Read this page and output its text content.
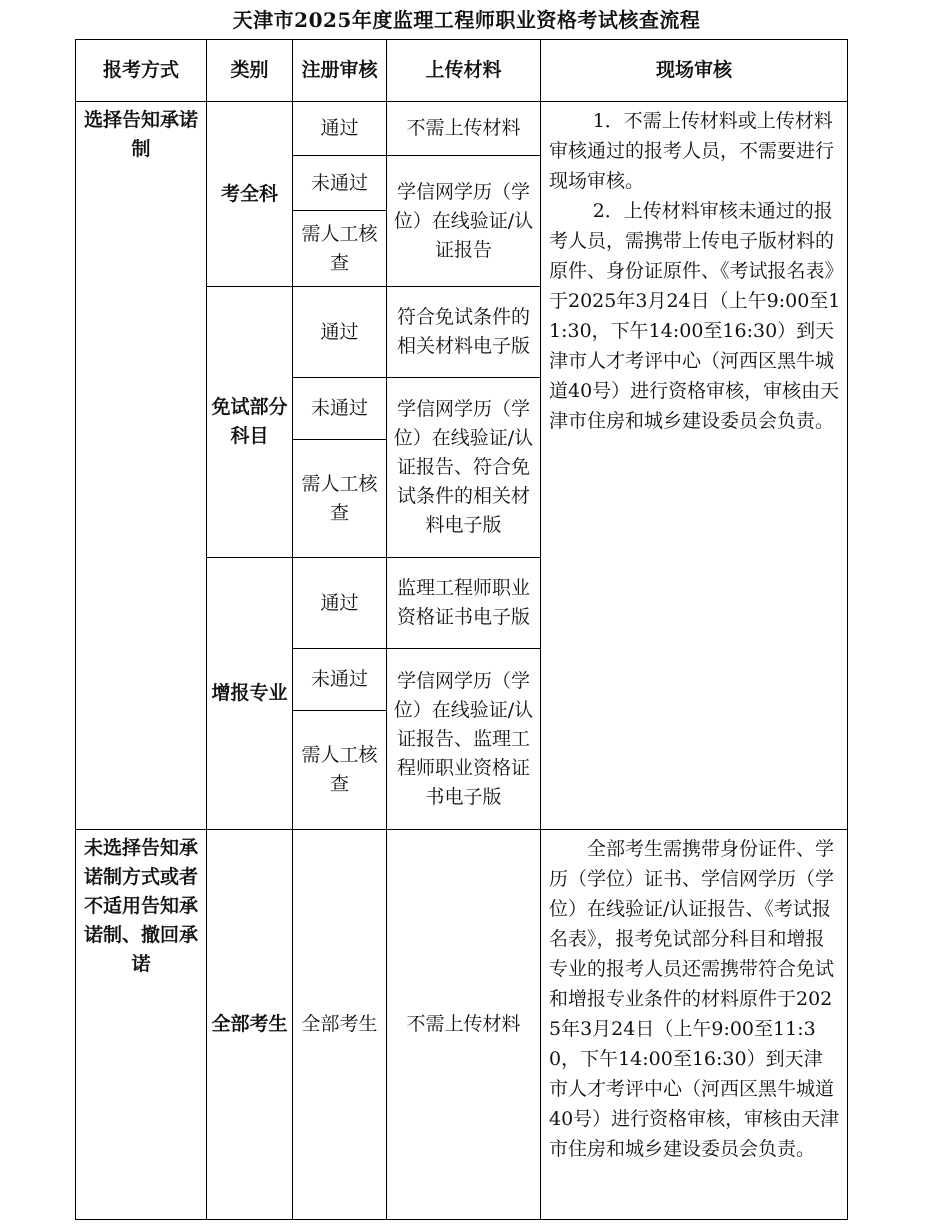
天津市2025年度监理工程师职业资格考试核查流程
报考方式	类别	注册审核	上传材料	现场审核
选择告知承诺制	考全科	通过	不需上传材料	1．不需上传材料或上传材料审核通过的报考人员，不需要进行现场审核。

2．上传材料审核未通过的报考人员，需携带上传电子版材料的原件、身份证原件、《考试报名表》于2025年3月24日（上午9:00至11:30，下午14:00至16:30）到天津市人才考评中心（河西区黑牛城道40号）进行资格审核，审核由天津市住房和城乡建设委员会负责。

		未通过	学信网学历（学位）在线验证/认证报告	
		需人工核查		
	免试部分科目	通过	符合免试条件的相关材料电子版	
		未通过	学信网学历（学位）在线验证/认证报告、符合免试条件的相关材料电子版	
		需人工核查		
	增报专业	通过	监理工程师职业资格证书电子版	
		未通过	学信网学历（学位）在线验证/认证报告、监理工程师职业资格证书电子版	
		需人工核查		
未选择告知承诺制方式或者不适用告知承诺制、撤回承诺	全部考生	全部考生	不需上传材料	全部考生需携带身份证件、学历（学位）证书、学信网学历（学位）在线验证/认证报告、《考试报名表》，报考免试部分科目和增报专业的报考人员还需携带符合免试和增报专业条件的材料原件于2025年3月24日（上午9:00至11:30，下午14:00至16:30）到天津市人才考评中心（河西区黑牛城道40号）进行资格审核，审核由天津市住房和城乡建设委员会负责。
